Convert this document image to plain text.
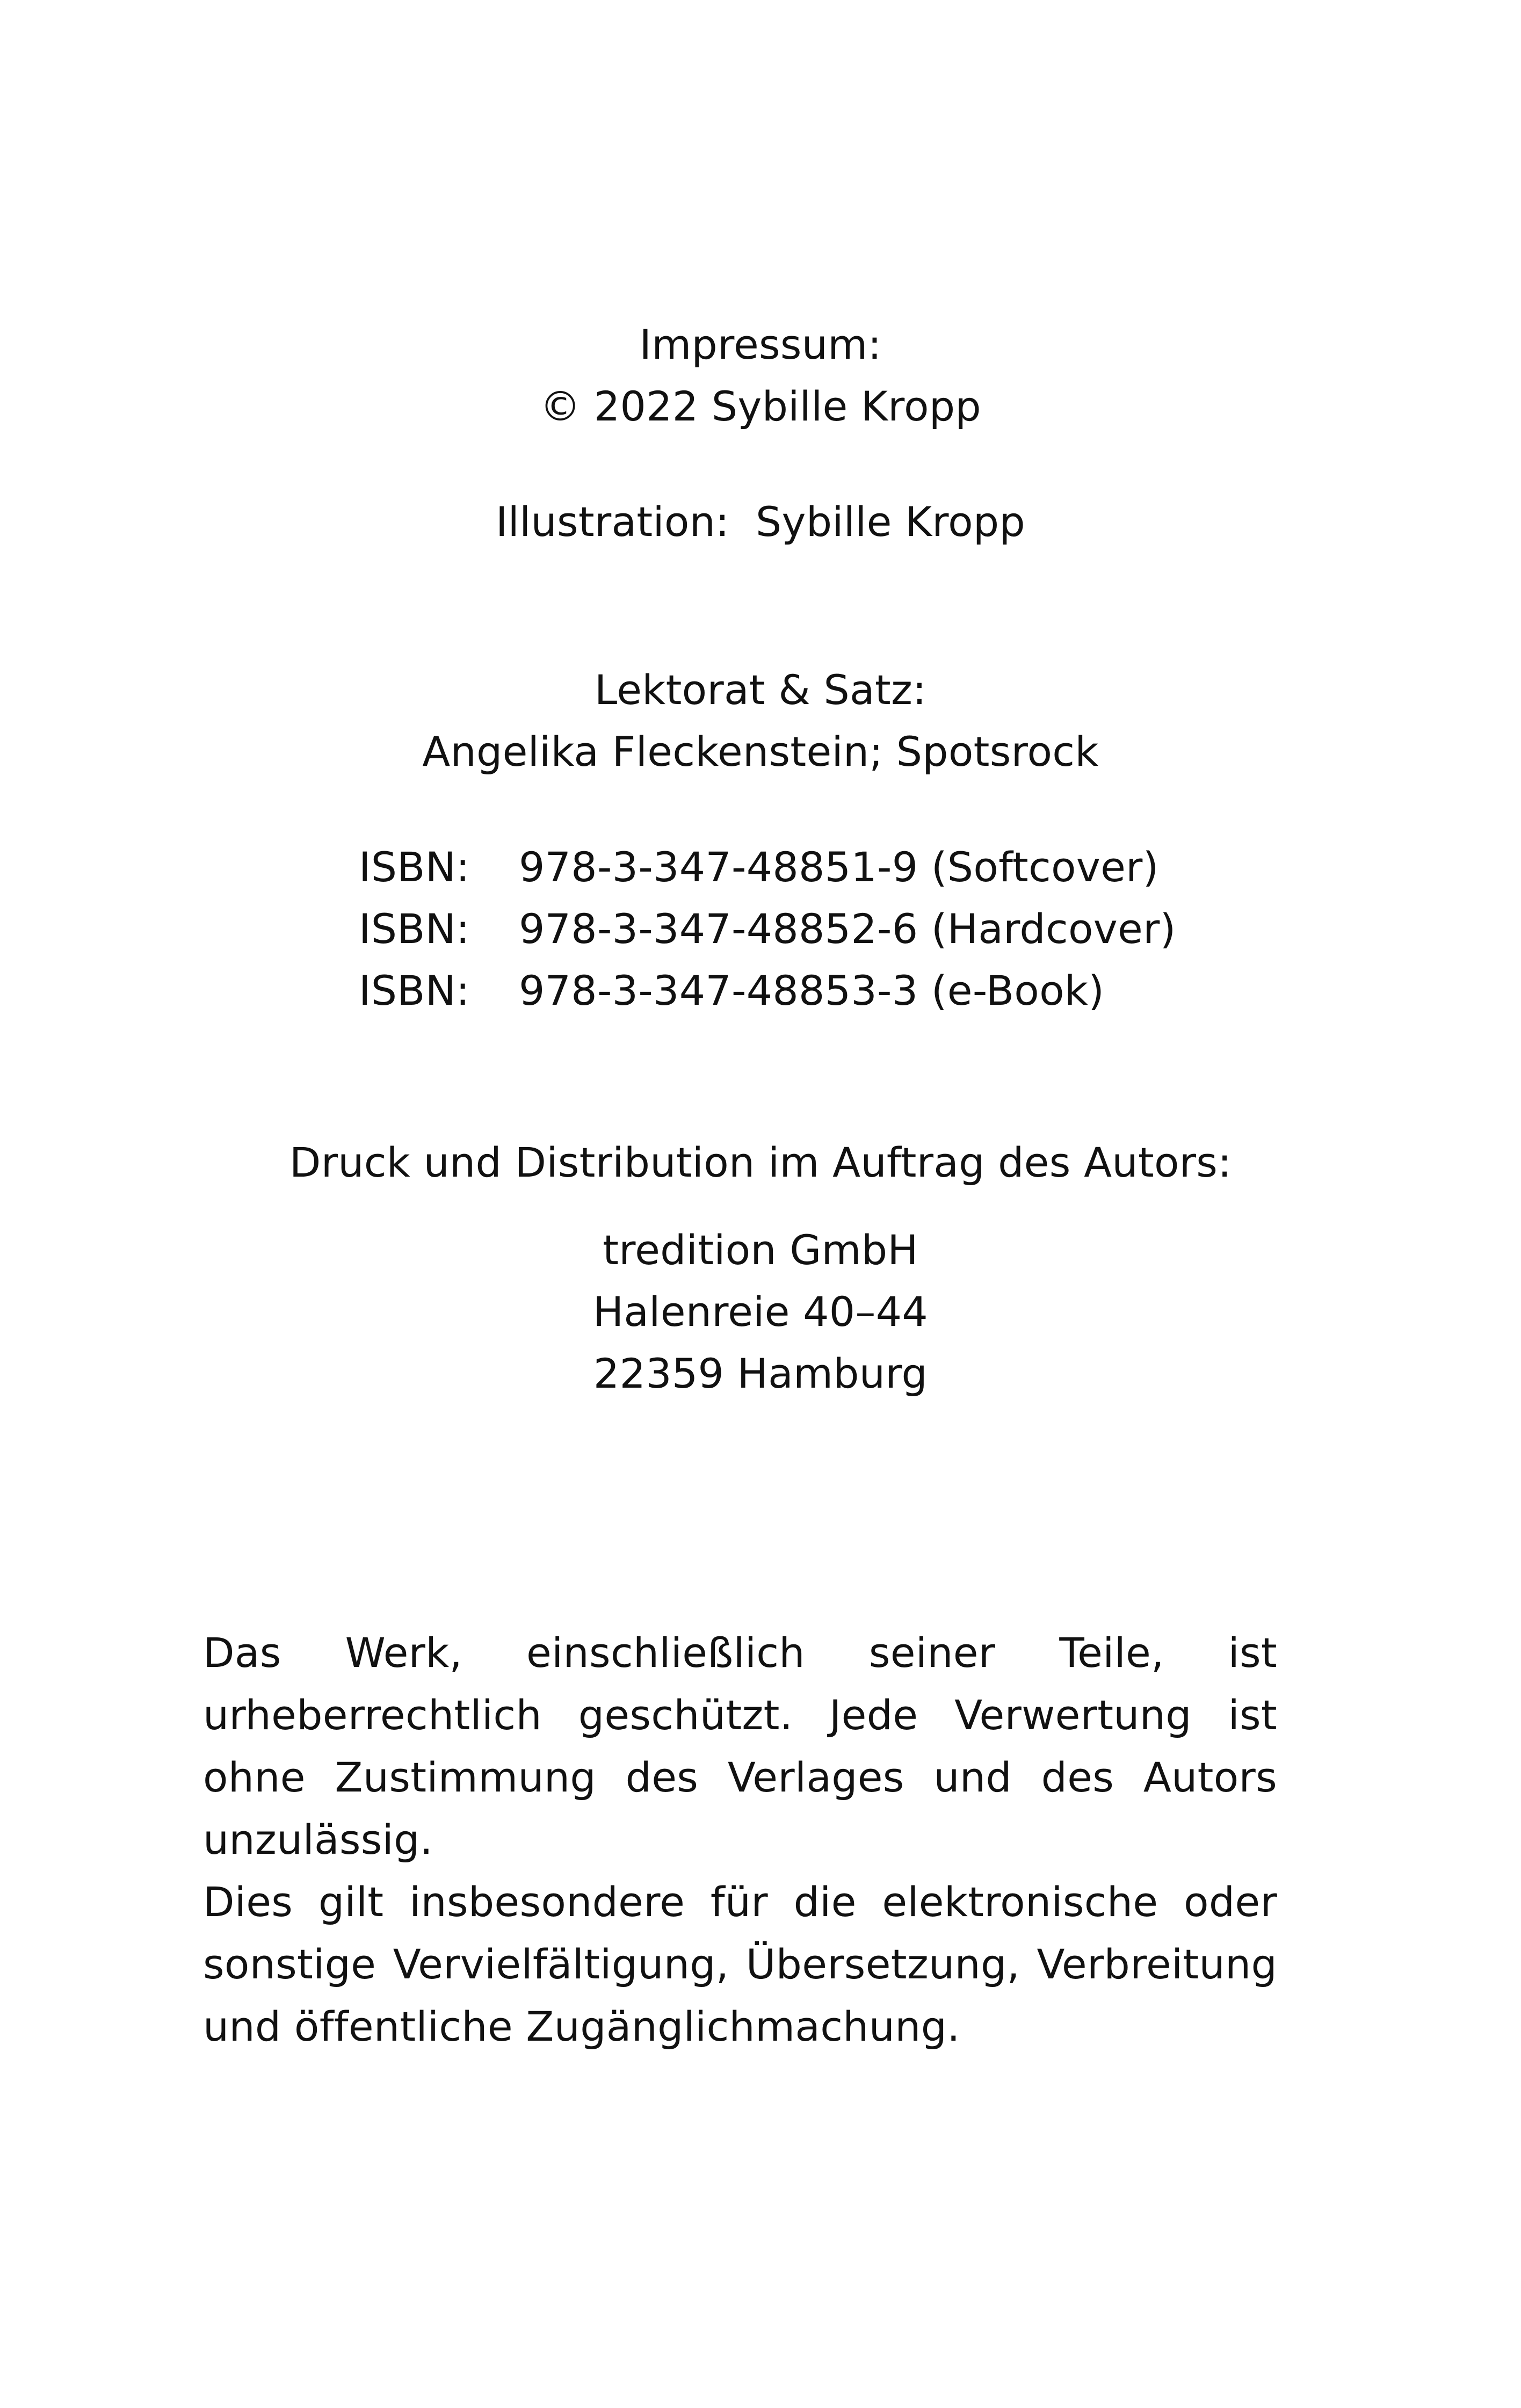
Impressum:
© 2022 Sybille Kropp
Illustration:  Sybille Kropp
Lektorat & Satz:
Angelika Fleckenstein; Spotsrock
ISBN: 978-3-347-48851-9 (Softcover)
ISBN: 978-3-347-48852-6 (Hardcover)
ISBN: 978-3-347-48853-3 (e-Book)
Druck und Distribution im Auftrag des Autors:
tredition GmbH
Halenreie 40–44
22359 Hamburg

Das Werk, einschließlich seiner Teile, ist urheberrechtlich geschützt. Jede Verwertung ist ohne Zustimmung des Verlages und des Autors unzulässig.

Dies gilt insbesondere für die elektronische oder sonstige Vervielfältigung, Übersetzung, Verbreitung und öffentliche Zugänglichmachung.
